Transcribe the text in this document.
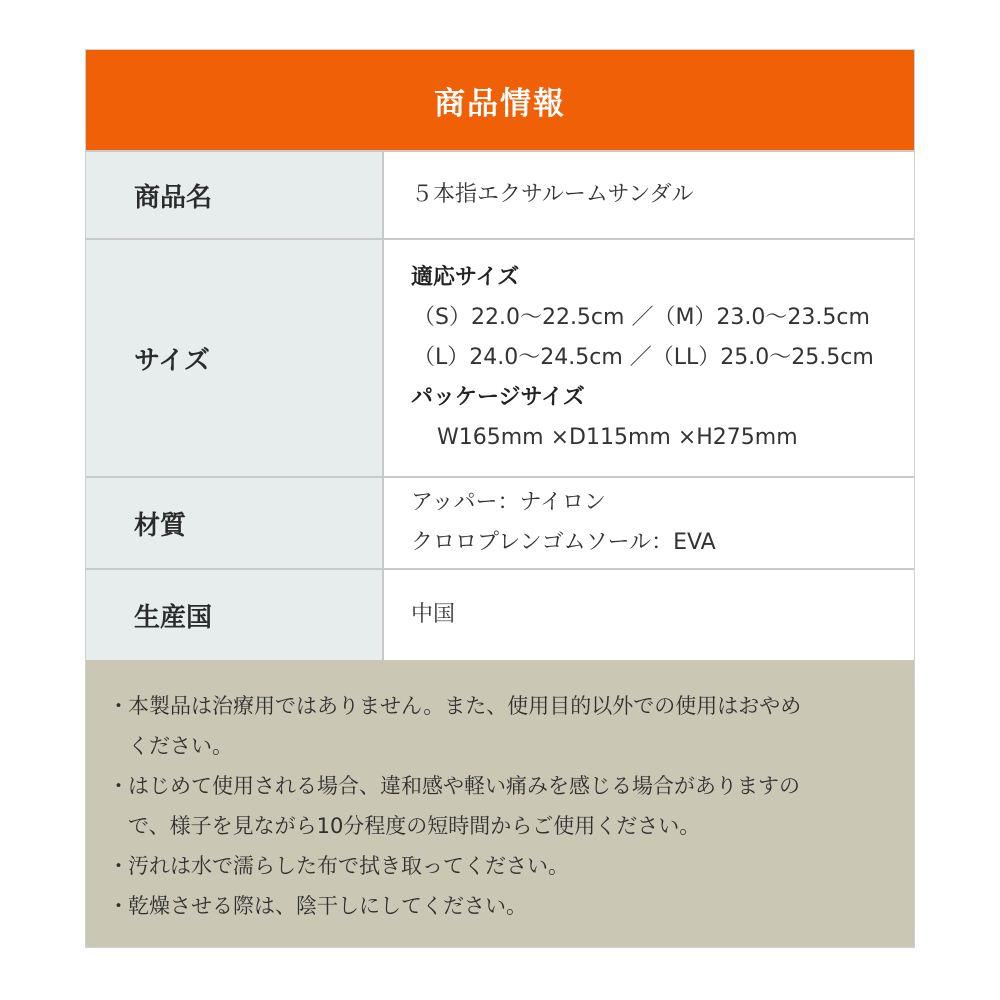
商品情報
商品名	５本指エクサルームサンダル
サイズ
適応サイズ
（S）22.0～22.5cm ／（M）23.0～23.5cm
（L）24.0～24.5cm ／（LL）25.0～25.5cm
パッケージサイズ
W165mm ×D115mm ×H275mm
材質
アッパー：ナイロン
クロロプレンゴムソール：EVA
生産国	中国
・ 本製品は治療用ではありません。また、使用目的以外での使用はおやめ
ください。
・ はじめて使用される場合、違和感や軽い痛みを感じる場合がありますの
で、様子を見ながら10分程度の短時間からご使用ください。
・ 汚れは水で濡らした布で拭き取ってください。
・ 乾燥させる際は、陰干しにしてください。
